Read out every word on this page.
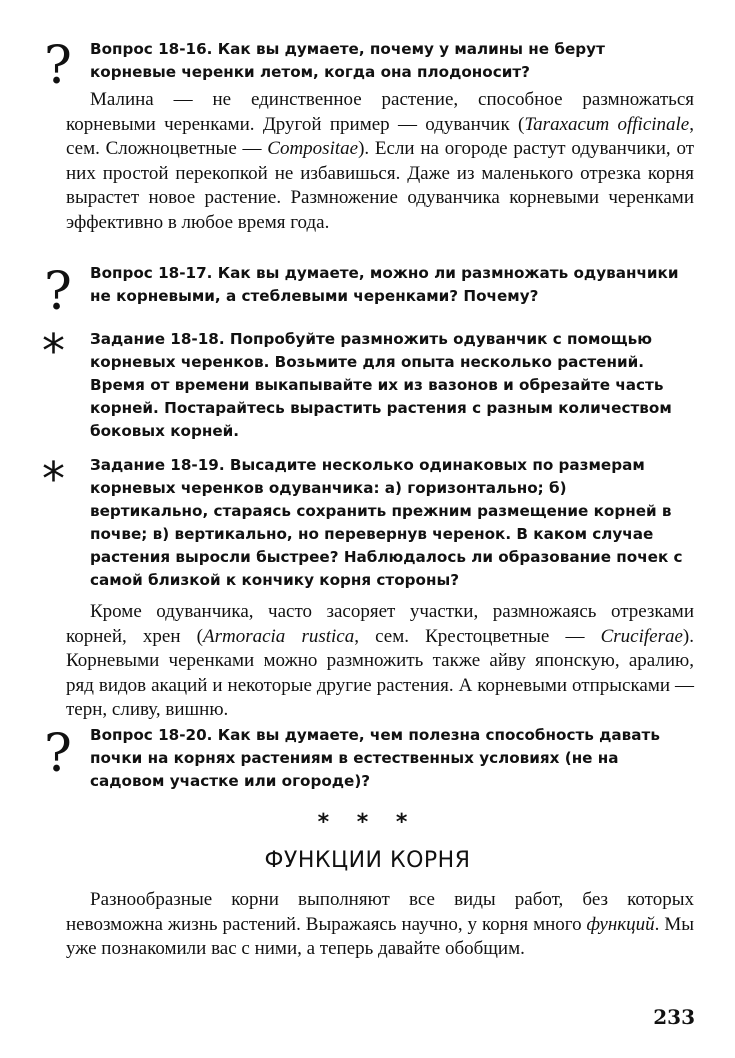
? Вопрос 18-16. Как вы думаете, почему у малины не берут корневые черенки летом, когда она плодоносит?
Малина — не единственное растение, способное размножаться корневыми черенками. Другой пример — одуванчик (Taraxacum officinale, сем. Сложноцветные — Compositae). Если на огороде растут одуванчики, от них простой перекопкой не избавишься. Даже из маленького отрезка корня вырастет новое растение. Размножение одуванчика корневыми черенками эффективно в любое время года.
? Вопрос 18-17. Как вы думаете, можно ли размножать одуванчики не корневыми, а стеблевыми черенками? Почему?
* Задание 18-18. Попробуйте размножить одуванчик с помощью корневых черенков. Возьмите для опыта несколько растений. Время от времени выкапывайте их из вазонов и обрезайте часть корней. Постарайтесь вырастить растения с разным количеством боковых корней.
* Задание 18-19. Высадите несколько одинаковых по размерам корневых черенков одуванчика: а) горизонтально; б) вертикально, стараясь сохранить прежним размещение корней в почве; в) вертикально, но перевернув черенок. В каком случае растения выросли быстрее? Наблюдалось ли образование почек с самой близкой к кончику корня стороны?
Кроме одуванчика, часто засоряет участки, размножаясь отрезками корней, хрен (Armoracia rustica, сем. Крестоцветные — Cruciferae). Корневыми черенками можно размножить также айву японскую, аралию, ряд видов акаций и некоторые другие растения. А корневыми отпрысками — терн, сливу, вишню.
? Вопрос 18-20. Как вы думаете, чем полезна способность давать почки на корнях растениям в естественных условиях (не на садовом участке или огороде)?
* * *
ФУНКЦИИ КОРНЯ
Разнообразные корни выполняют все виды работ, без которых невозможна жизнь растений. Выражаясь научно, у корня много функций. Мы уже познакомили вас с ними, а теперь давайте обобщим.
233
